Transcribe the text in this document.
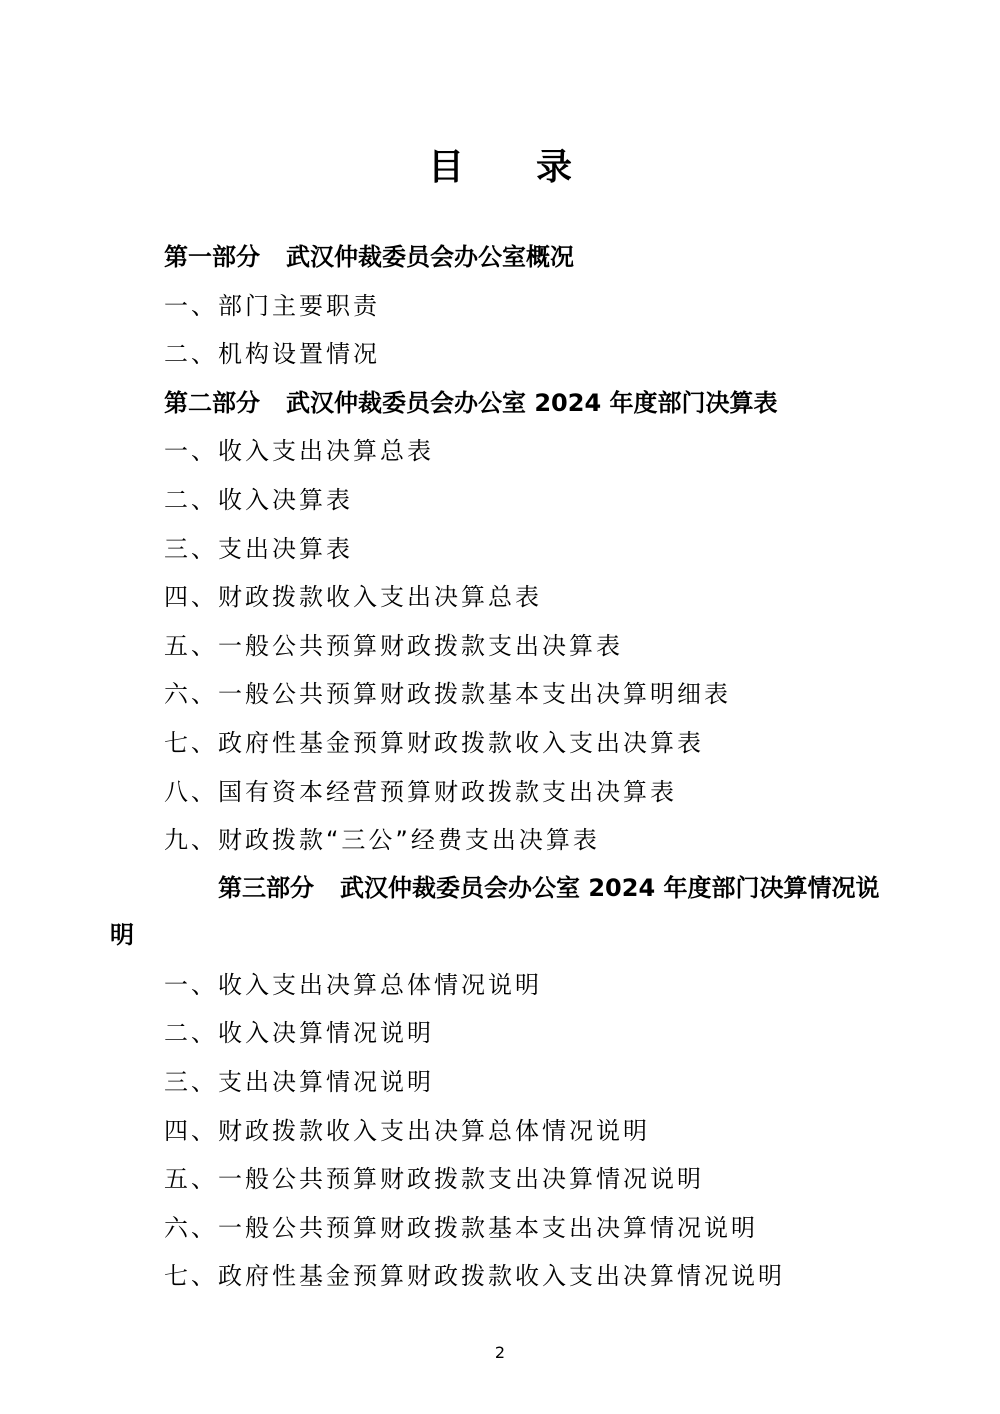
目 录
第一部分 武汉仲裁委员会办公室概况
一、部门主要职责
二、机构设置情况
第二部分 武汉仲裁委员会办公室 2024 年度部门决算表
一、收入支出决算总表
二、收入决算表
三、支出决算表
四、财政拨款收入支出决算总表
五、一般公共预算财政拨款支出决算表
六、一般公共预算财政拨款基本支出决算明细表
七、政府性基金预算财政拨款收入支出决算表
八、国有资本经营预算财政拨款支出决算表
九、财政拨款“三公”经费支出决算表
第三部分 武汉仲裁委员会办公室 2024 年度部门决算情况说明
一、收入支出决算总体情况说明
二、收入决算情况说明
三、支出决算情况说明
四、财政拨款收入支出决算总体情况说明
五、一般公共预算财政拨款支出决算情况说明
六、一般公共预算财政拨款基本支出决算情况说明
七、政府性基金预算财政拨款收入支出决算情况说明
2
